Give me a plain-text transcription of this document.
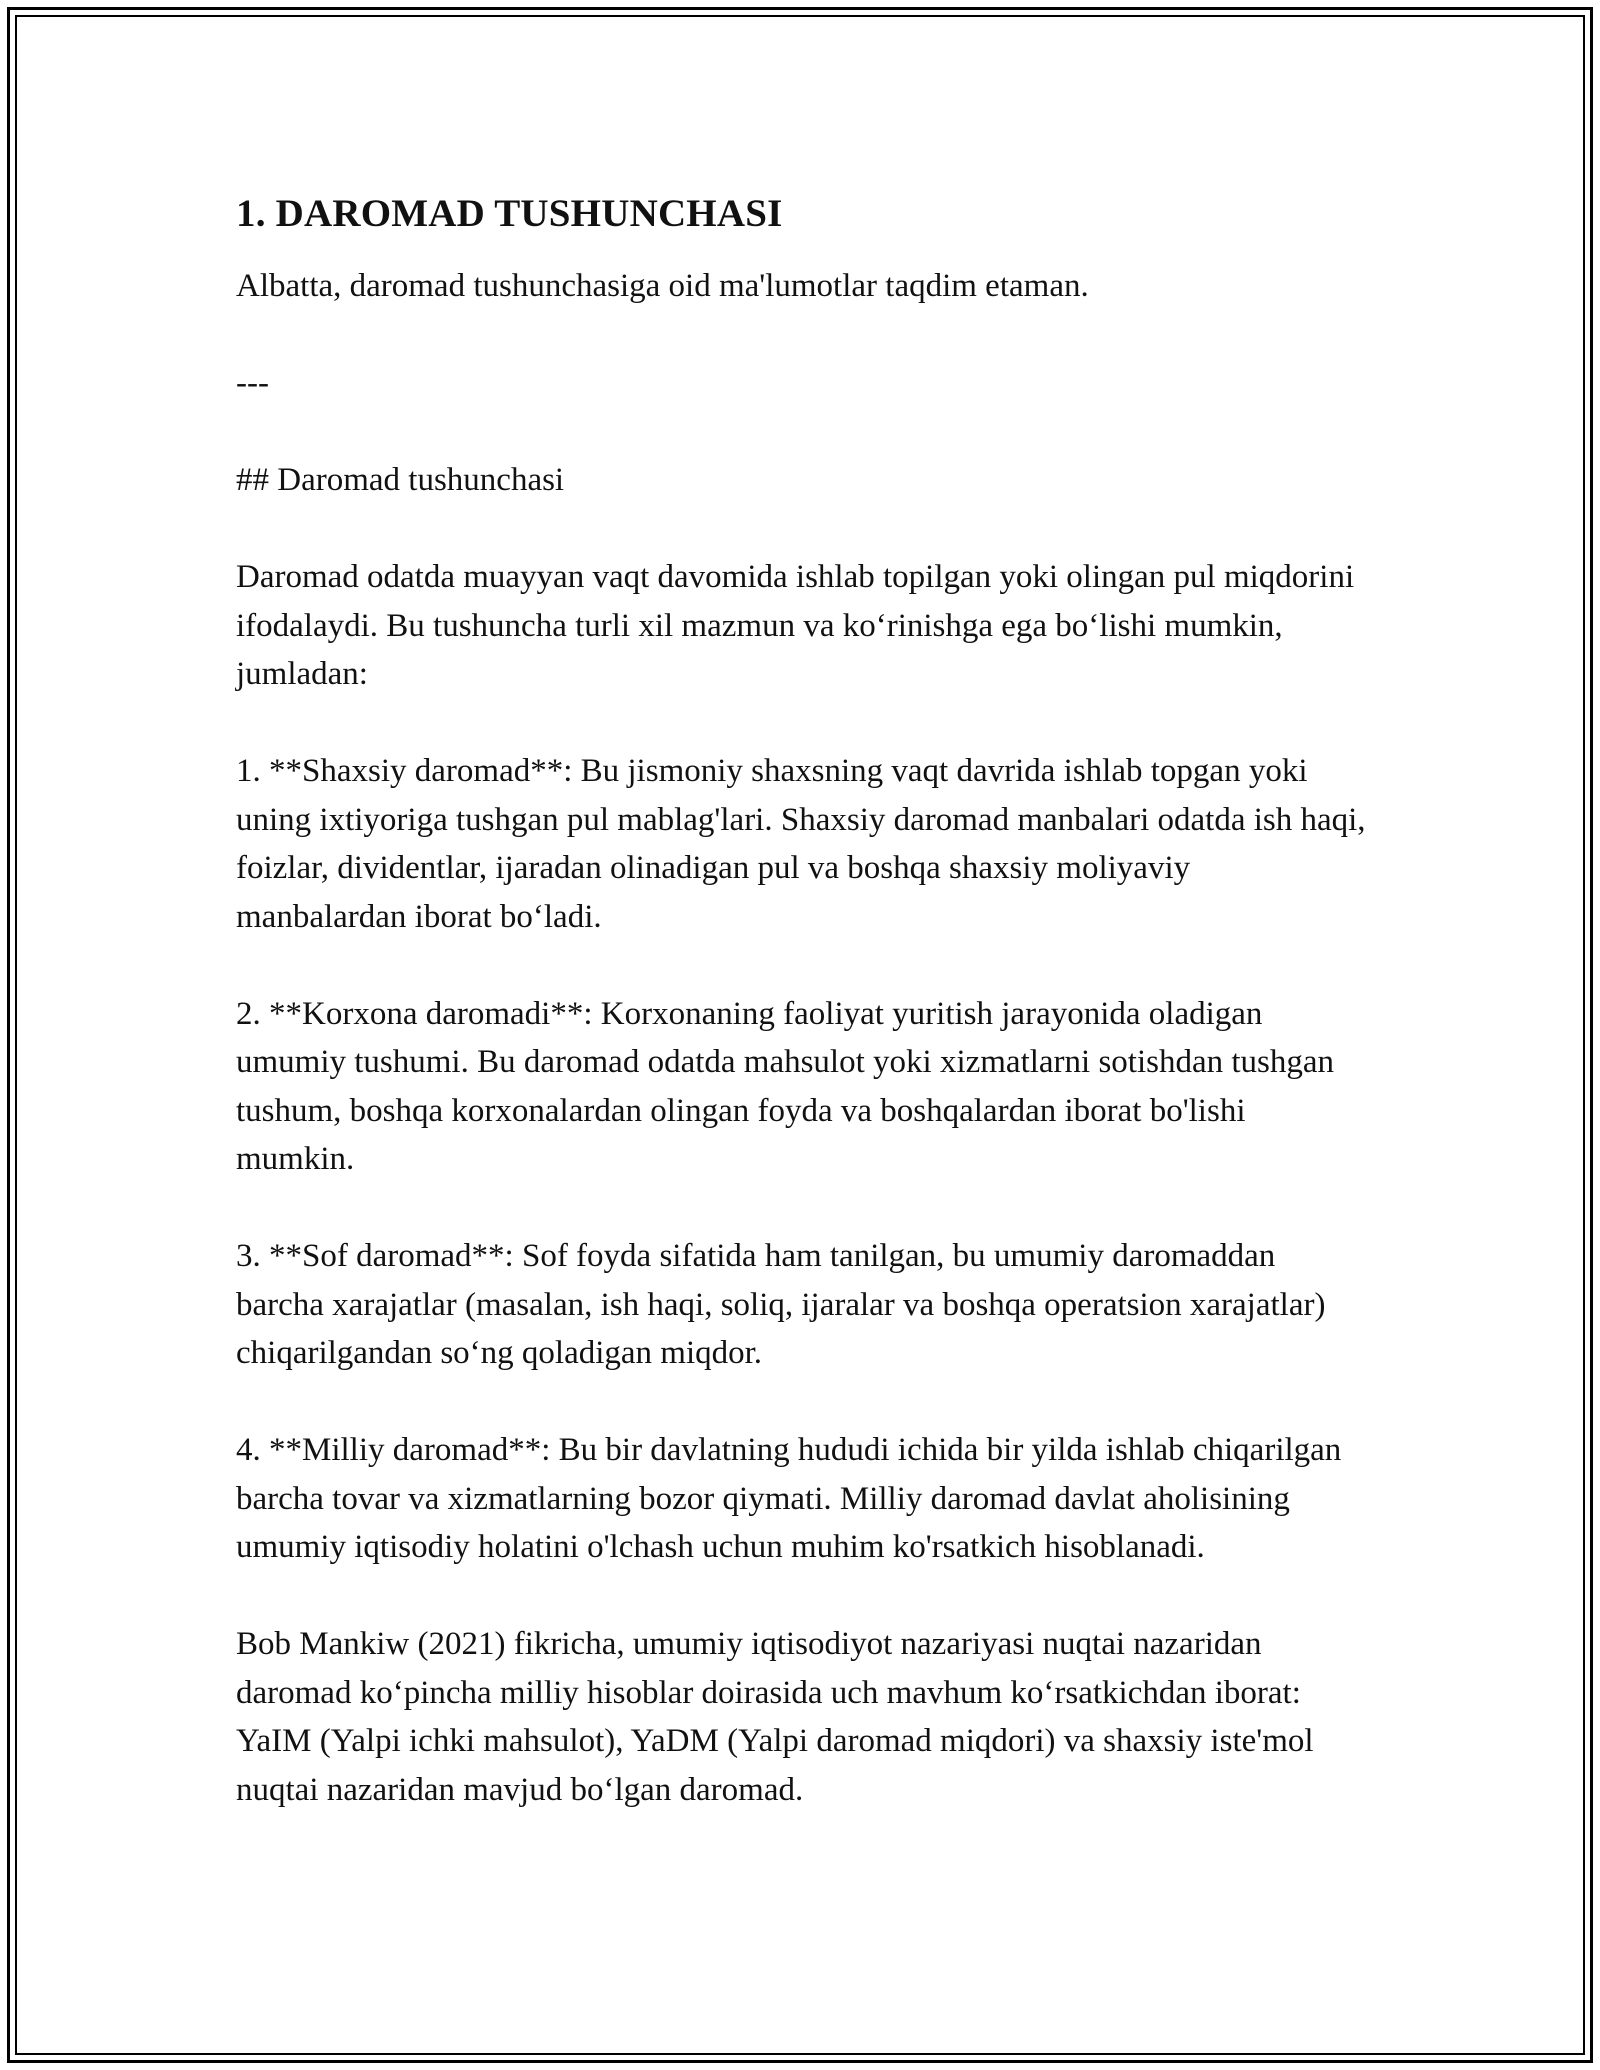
1. DAROMAD TUSHUNCHASI

Albatta, daromad tushunchasiga oid ma'lumotlar taqdim etaman.

---

## Daromad tushunchasi

Daromad odatda muayyan vaqt davomida ishlab topilgan yoki olingan pul miqdorini ifodalaydi. Bu tushuncha turli xil mazmun va koʻrinishga ega boʻlishi mumkin, jumladan:

1. **Shaxsiy daromad**: Bu jismoniy shaxsning vaqt davrida ishlab topgan yoki uning ixtiyoriga tushgan pul mablag'lari. Shaxsiy daromad manbalari odatda ish haqi, foizlar, dividentlar, ijaradan olinadigan pul va boshqa shaxsiy moliyaviy manbalardan iborat boʻladi.

2. **Korxona daromadi**: Korxonaning faoliyat yuritish jarayonida oladigan umumiy tushumi. Bu daromad odatda mahsulot yoki xizmatlarni sotishdan tushgan tushum, boshqa korxonalardan olingan foyda va boshqalardan iborat bo'lishi mumkin.

3. **Sof daromad**: Sof foyda sifatida ham tanilgan, bu umumiy daromaddan barcha xarajatlar (masalan, ish haqi, soliq, ijaralar va boshqa operatsion xarajatlar) chiqarilgandan soʻng qoladigan miqdor.

4. **Milliy daromad**: Bu bir davlatning hududi ichida bir yilda ishlab chiqarilgan barcha tovar va xizmatlarning bozor qiymati. Milliy daromad davlat aholisining umumiy iqtisodiy holatini o'lchash uchun muhim ko'rsatkich hisoblanadi.

Bob Mankiw (2021) fikricha, umumiy iqtisodiyot nazariyasi nuqtai nazaridan daromad koʻpincha milliy hisoblar doirasida uch mavhum koʻrsatkichdan iborat: YaIM (Yalpi ichki mahsulot), YaDM (Yalpi daromad miqdori) va shaxsiy iste'mol nuqtai nazaridan mavjud boʻlgan daromad.
